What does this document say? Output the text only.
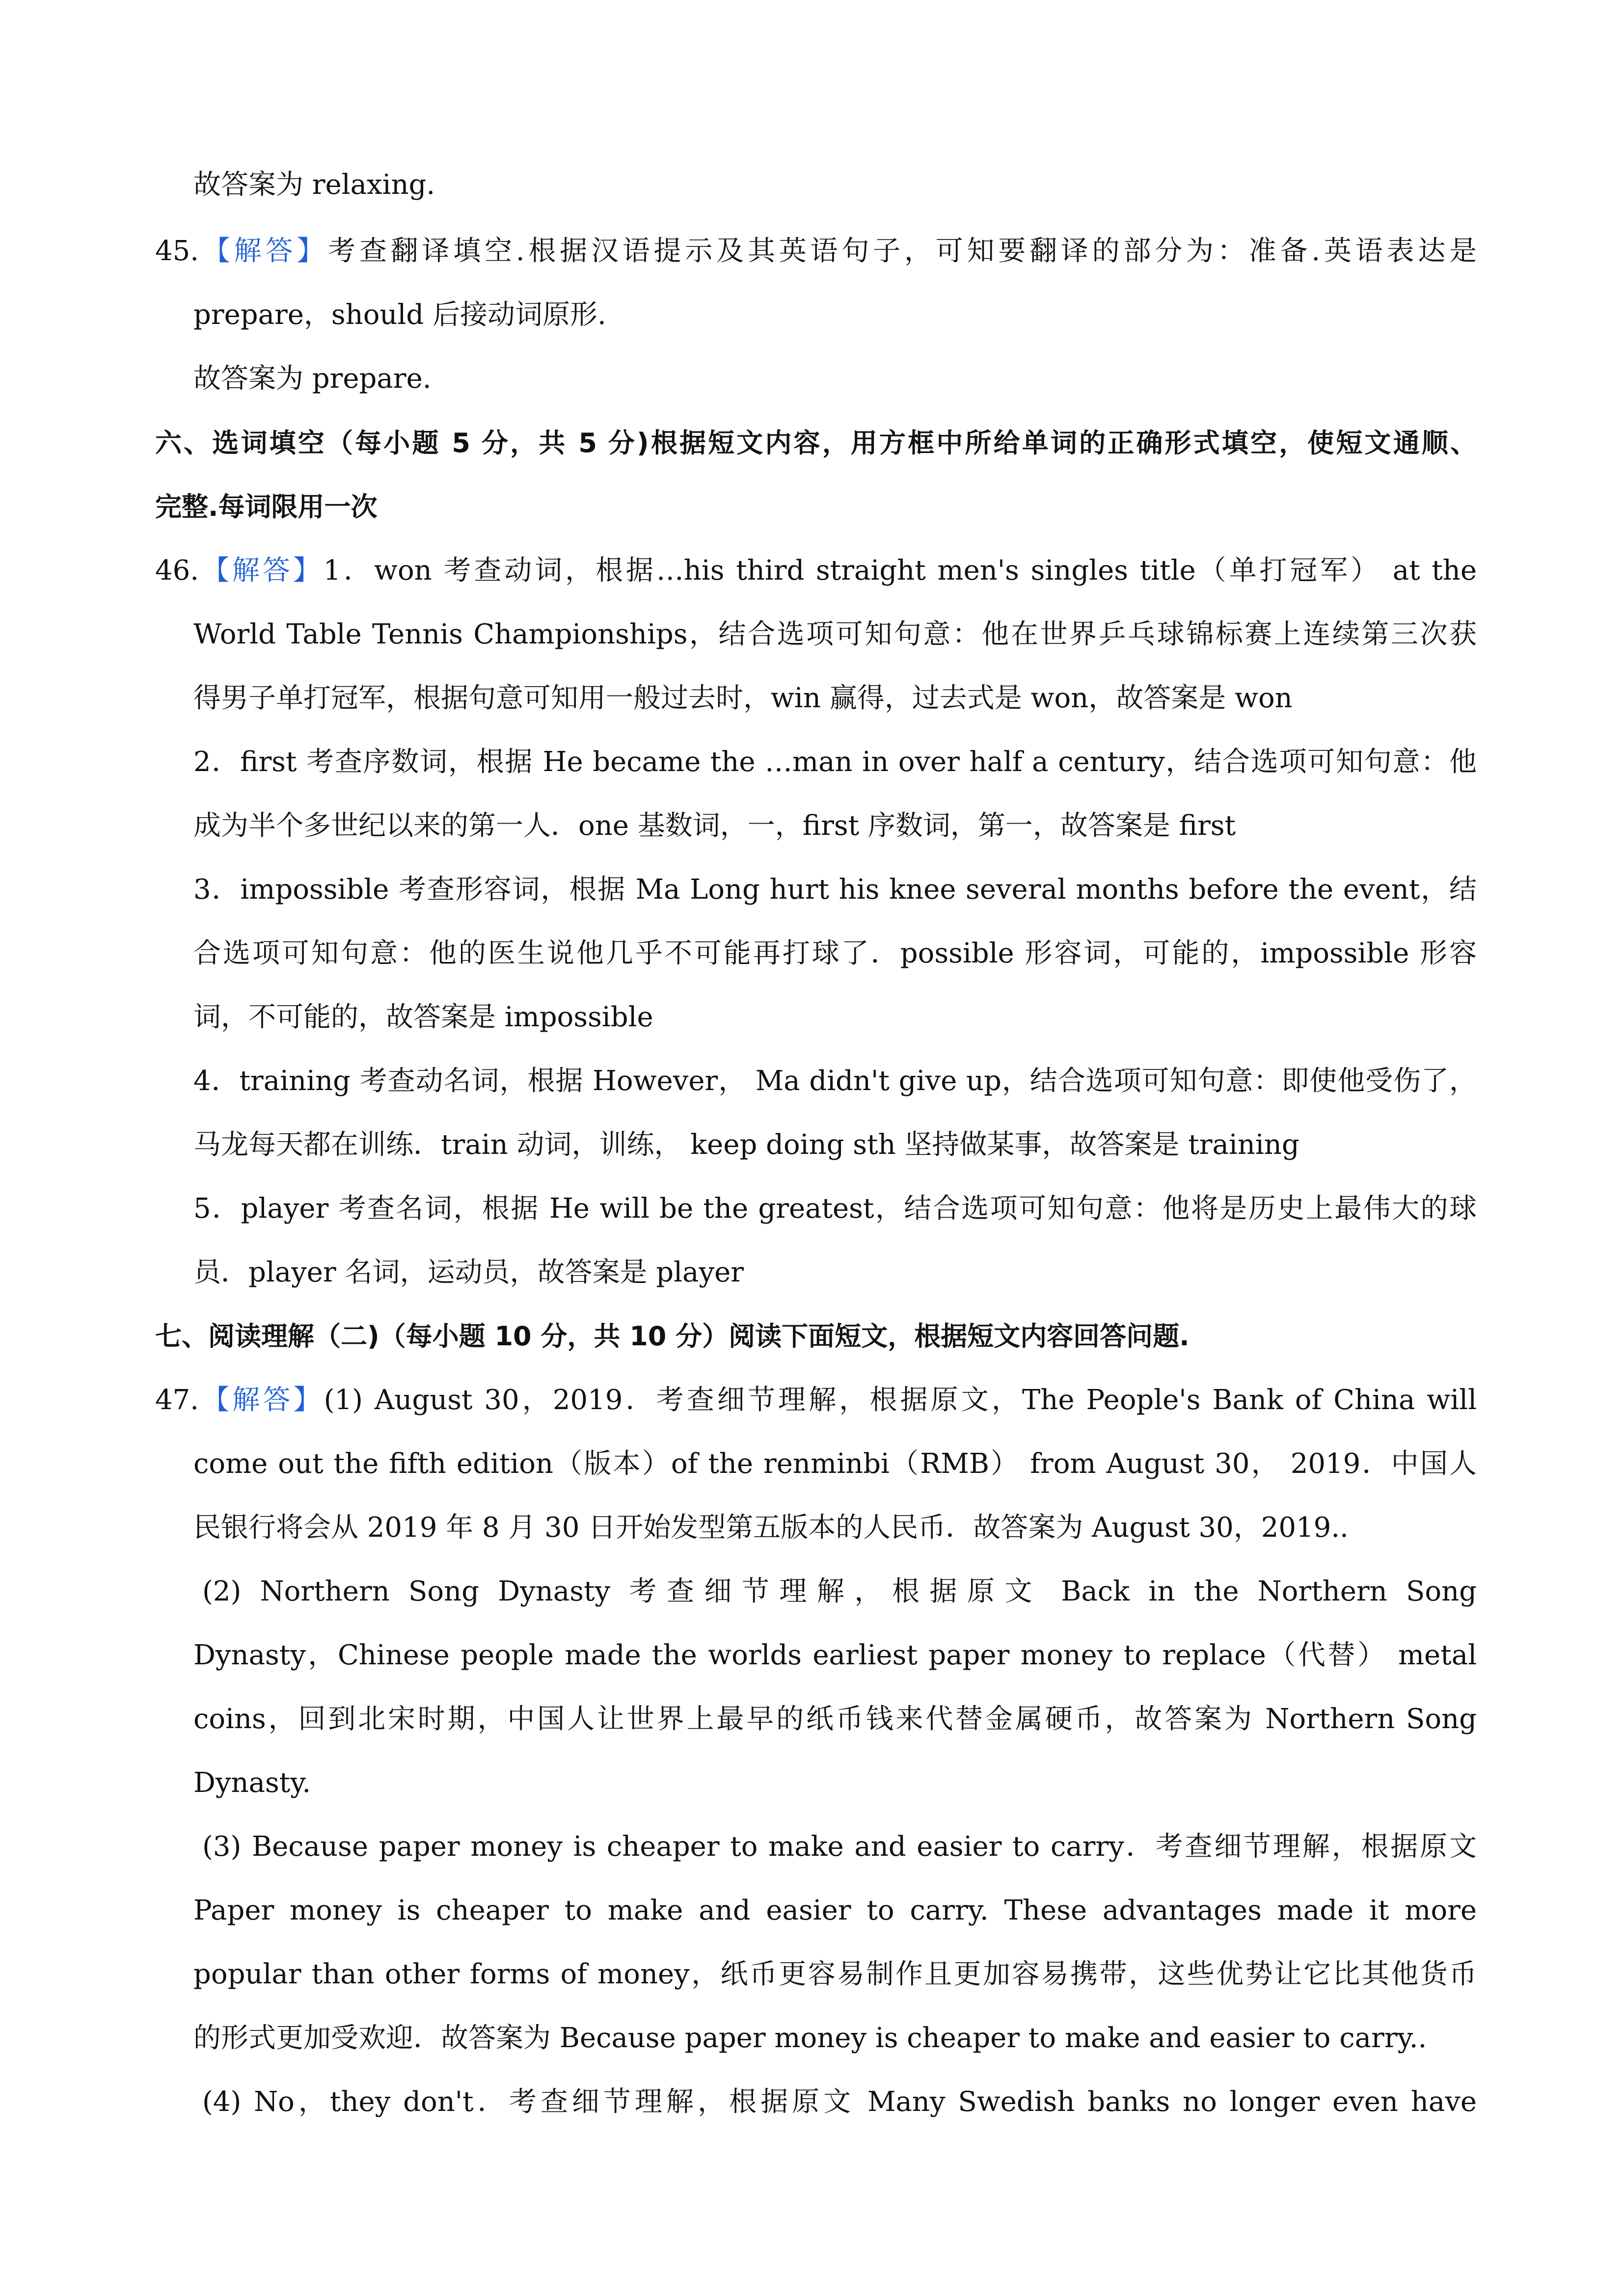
故答案为 relaxing.
45.【解答】考查翻译填空.根据汉语提示及其英语句子，可知要翻译的部分为：准备.英语表达是
prepare，should 后接动词原形.
故答案为 prepare.
六、选词填空（每小题 5 分，共 5 分)根据短文内容，用方框中所给单词的正确形式填空，使短文通顺、
完整.每词限用一次
46.【解答】1．won 考查动词，根据…his third straight men's singles title（单打冠军） at the
World Table Tennis Championships，结合选项可知句意：他在世界乒乓球锦标赛上连续第三次获
得男子单打冠军，根据句意可知用一般过去时，win 赢得，过去式是 won，故答案是 won
2．first 考查序数词，根据 He became the …man in over half a century，结合选项可知句意：他
成为半个多世纪以来的第一人．one 基数词，一，first 序数词，第一，故答案是 first
3．impossible 考查形容词，根据 Ma Long hurt his knee several months before the event，结
合选项可知句意：他的医生说他几乎不可能再打球了．possible 形容词，可能的，impossible 形容
词，不可能的，故答案是 impossible
4．training 考查动名词，根据 However， Ma didn't give up，结合选项可知句意：即使他受伤了，
马龙每天都在训练．train 动词，训练， keep doing sth 坚持做某事，故答案是 training
5．player 考查名词，根据 He will be the greatest，结合选项可知句意：他将是历史上最伟大的球
员．player 名词，运动员，故答案是 player
七、阅读理解（二)（每小题 10 分，共 10 分）阅读下面短文，根据短文内容回答问题.
47.【解答】(1) August 30，2019．考查细节理解，根据原文，The People's Bank of China will
come out the fifth edition（版本）of the renminbi（RMB） from August 30， 2019．中国人
民银行将会从 2019 年 8 月 30 日开始发型第五版本的人民币．故答案为 August 30，2019..
(2) Northern Song Dynasty 考查细节理解，根据原文 Back in the Northern Song
Dynasty，Chinese people made the worlds earliest paper money to replace（代替） metal
coins，回到北宋时期，中国人让世界上最早的纸币钱来代替金属硬币，故答案为 Northern Song
Dynasty.
(3) Because paper money is cheaper to make and easier to carry．考查细节理解，根据原文
Paper money is cheaper to make and easier to carry. These advantages made it more
popular than other forms of money，纸币更容易制作且更加容易携带，这些优势让它比其他货币
的形式更加受欢迎．故答案为 Because paper money is cheaper to make and easier to carry..
(4) No，they don't．考查细节理解，根据原文 Many Swedish banks no longer even have
